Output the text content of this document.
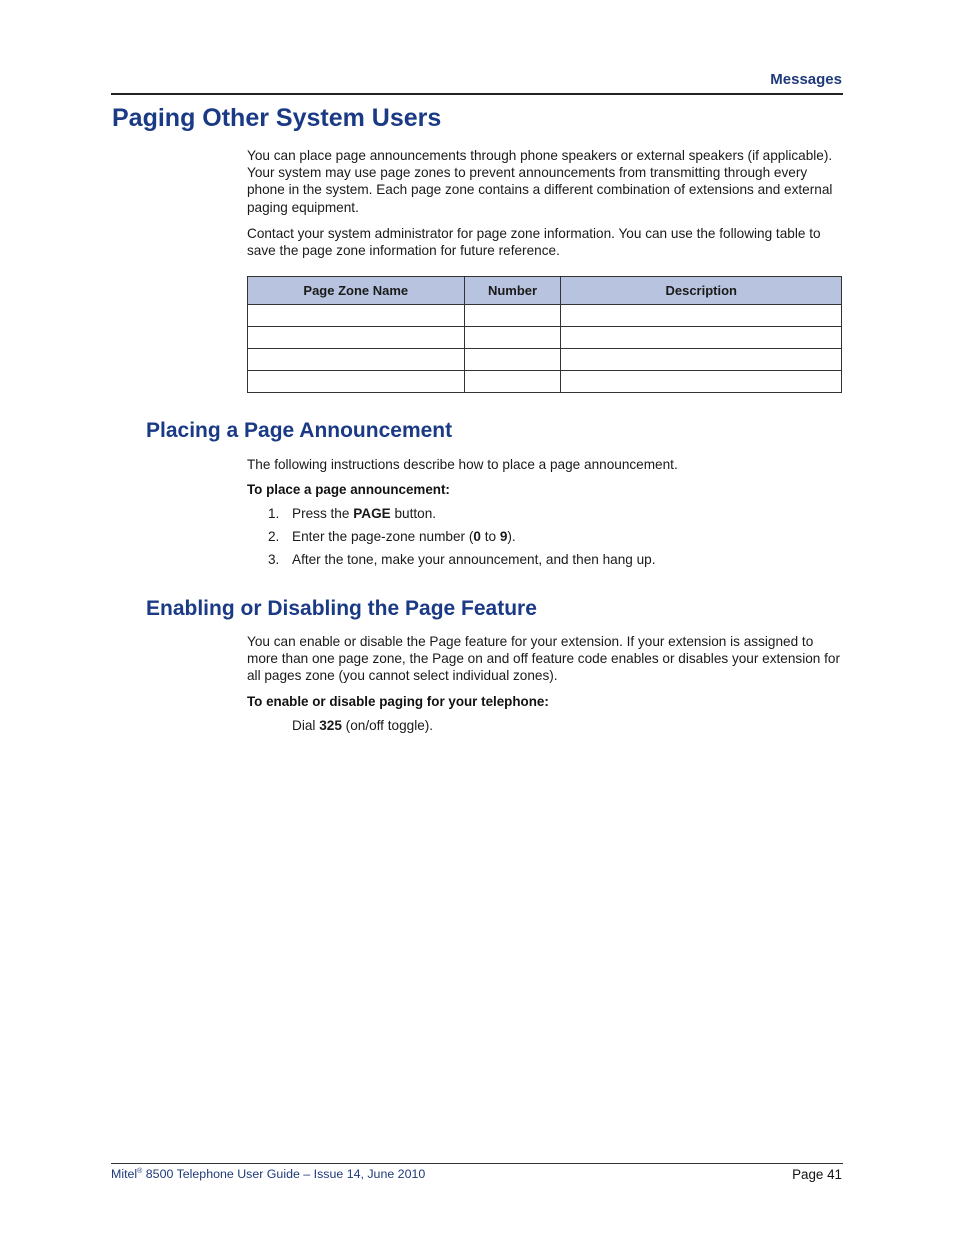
Messages
Paging Other System Users

You can place page announcements through phone speakers or external speakers (if applicable). Your system may use page zones to prevent announcements from transmitting through every phone in the system. Each page zone contains a different combination of extensions and external paging equipment.

Contact your system administrator for page zone information. You can use the following table to save the page zone information for future reference.

Page Zone Name	Number	Description

Placing a Page Announcement

The following instructions describe how to place a page announcement.

To place a page announcement:

1. Press the PAGE button.

2. Enter the page-zone number (0 to 9).

3. After the tone, make your announcement, and then hang up.

Enabling or Disabling the Page Feature

You can enable or disable the Page feature for your extension. If your extension is assigned to more than one page zone, the Page on and off feature code enables or disables your extension for all pages zone (you cannot select individual zones).

To enable or disable paging for your telephone:

Dial 325 (on/off toggle).

Mitel® 8500 Telephone User Guide – Issue 14, June 2010	Page 41
